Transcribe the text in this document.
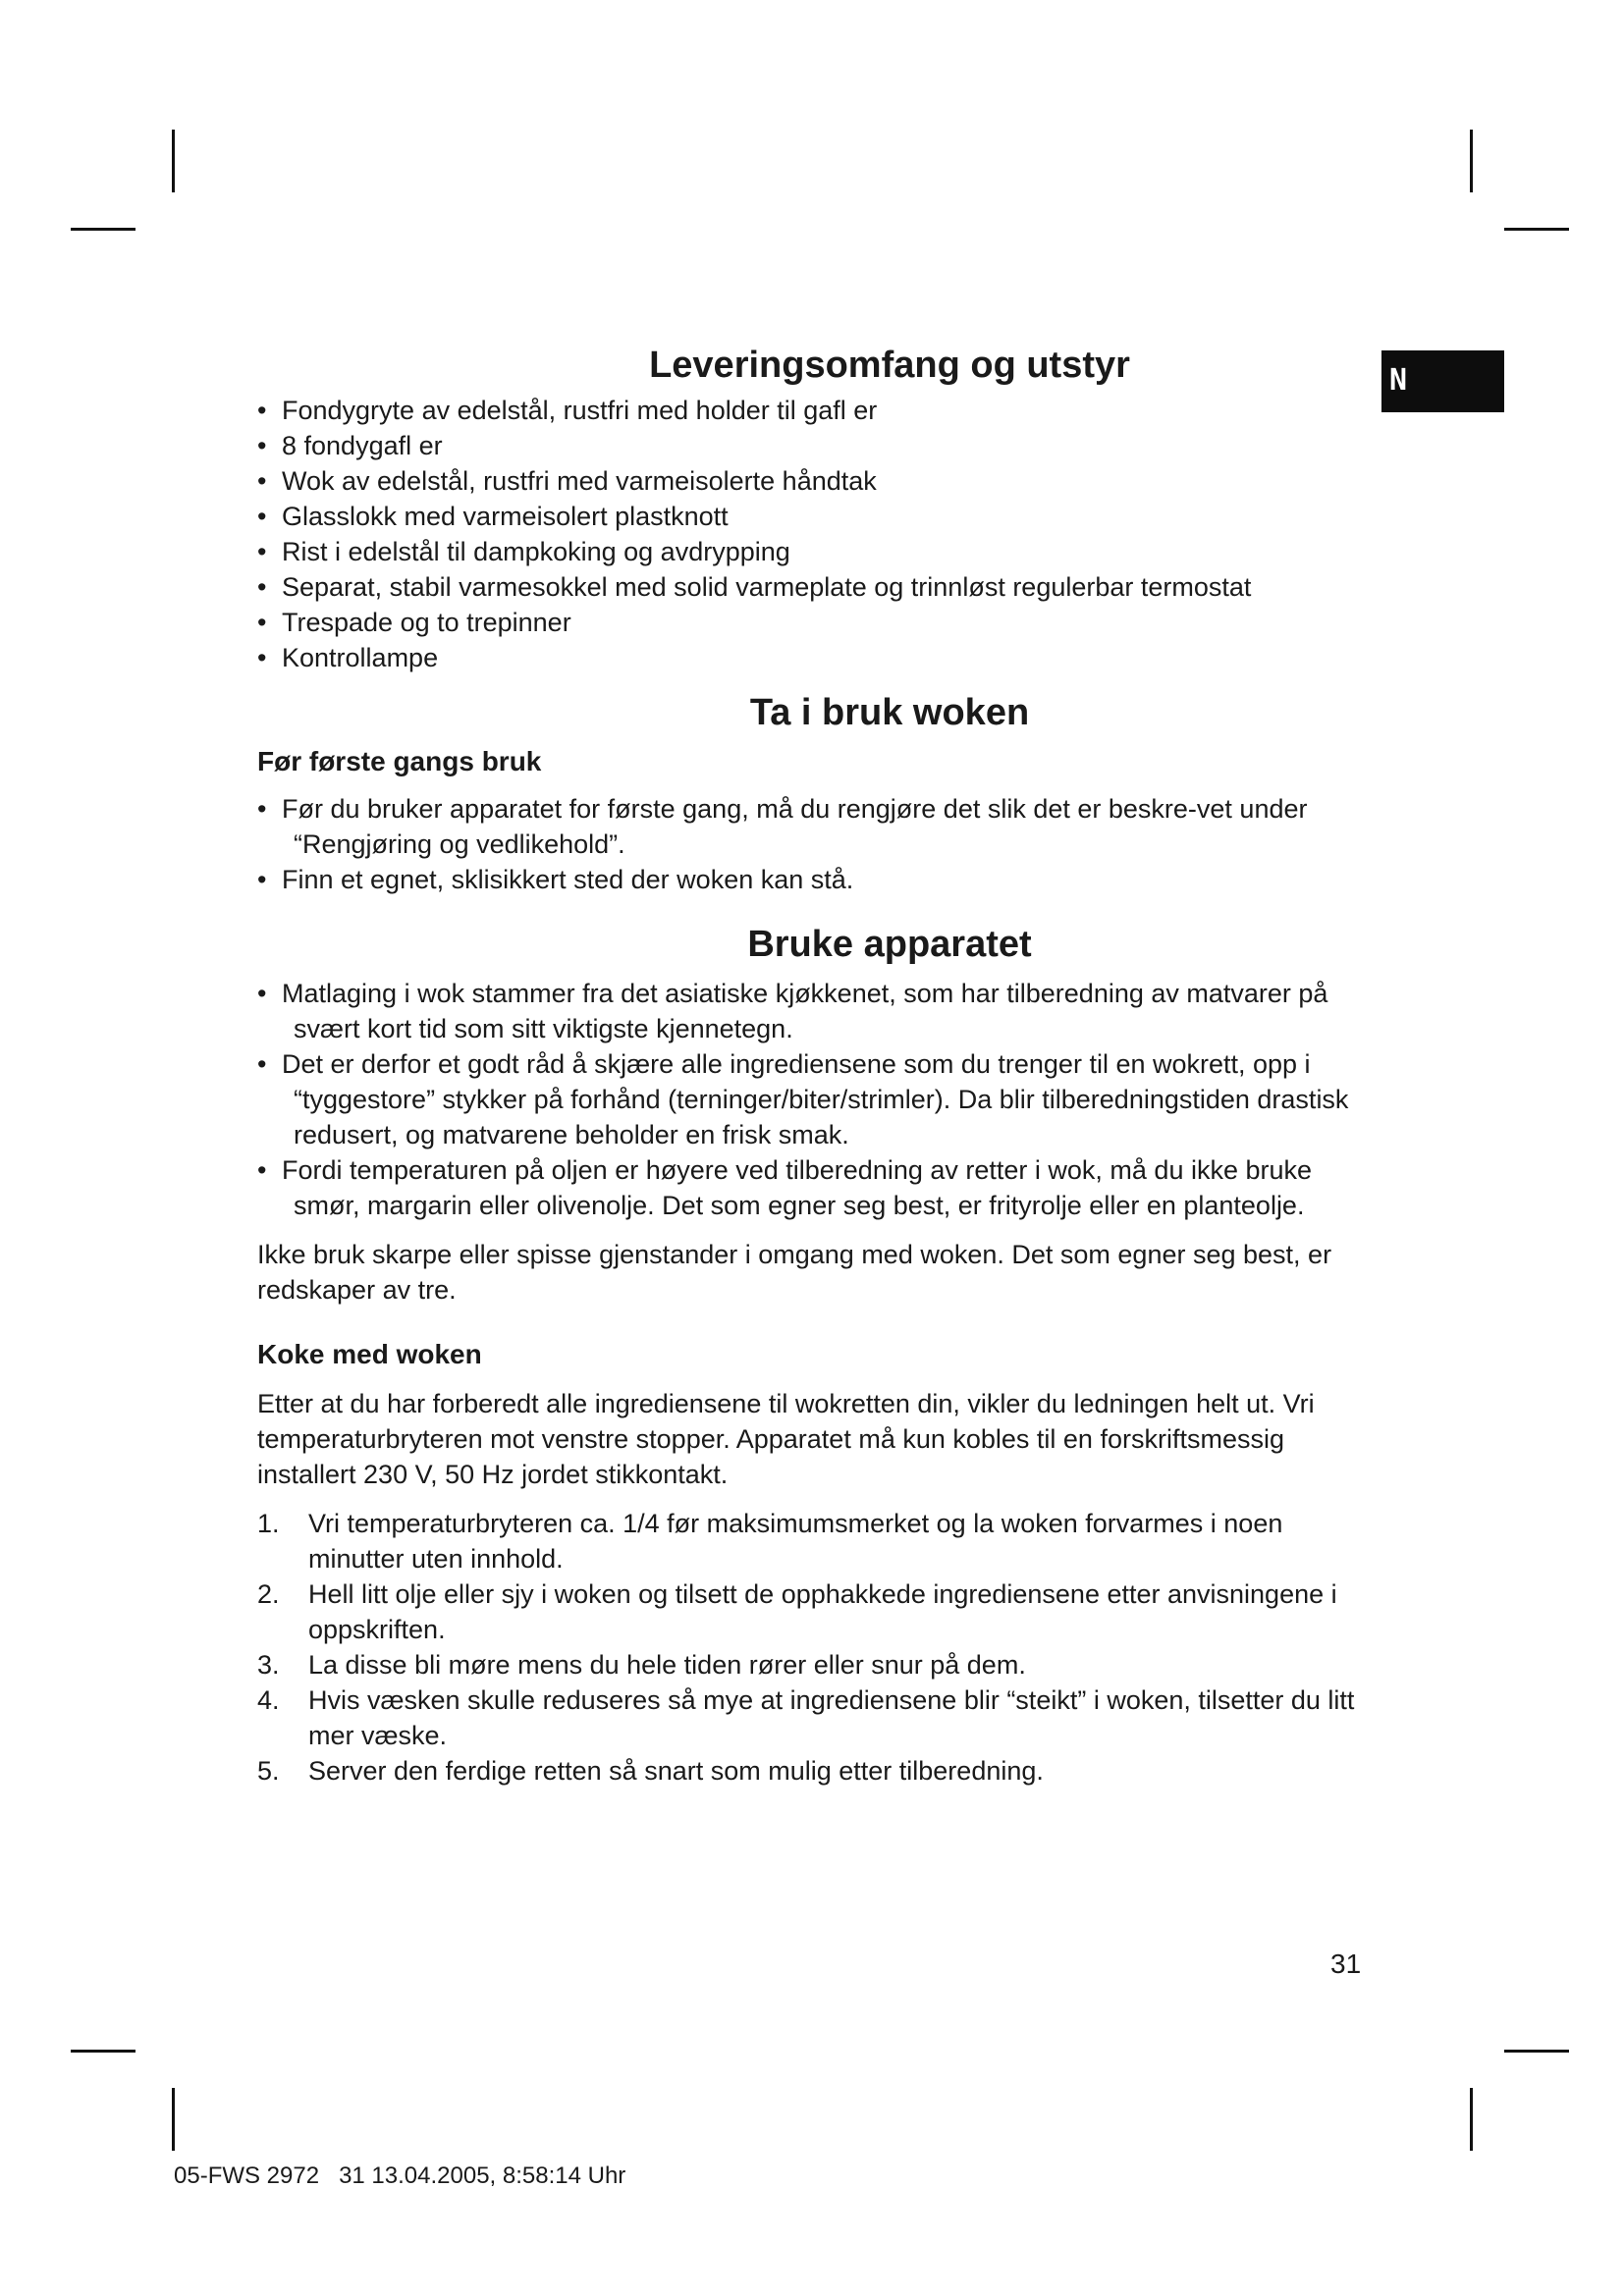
N
Leveringsomfang og utstyr
• Fondygryte av edelstål, rustfri med holder til gafl er
• 8 fondygafl er
• Wok av edelstål, rustfri med varmeisolerte håndtak
• Glasslokk med varmeisolert plastknott
• Rist i edelstål til dampkoking og avdrypping
• Separat, stabil varmesokkel med solid varmeplate og trinnløst regulerbar termostat
• Trespade og to trepinner
• Kontrollampe
Ta i bruk woken
Før første gangs bruk
• Før du bruker apparatet for første gang, må du rengjøre det slik det er beskre-vet under “Rengjøring og vedlikehold”.
• Finn et egnet, sklisikkert sted der woken kan stå.
Bruke apparatet
• Matlaging i wok stammer fra det asiatiske kjøkkenet, som har tilberedning av matvarer på svært kort tid som sitt viktigste kjennetegn.
• Det er derfor et godt råd å skjære alle ingrediensene som du trenger til en wokrett, opp i “tyggestore” stykker på forhånd (terninger/biter/strimler). Da blir tilberedningstiden drastisk redusert, og matvarene beholder en frisk smak.
• Fordi temperaturen på oljen er høyere ved tilberedning av retter i wok, må du ikke bruke smør, margarin eller olivenolje. Det som egner seg best, er frityrolje eller en planteolje.

Ikke bruk skarpe eller spisse gjenstander i omgang med woken. Det som egner seg best, er redskaper av tre.

Koke med woken

Etter at du har forberedt alle ingrediensene til wokretten din, vikler du ledningen helt ut. Vri temperaturbryteren mot venstre stopper. Apparatet må kun kobles til en forskriftsmessig installert 230 V, 50 Hz jordet stikkontakt.

1. Vri temperaturbryteren ca. 1/4 før maksimumsmerket og la woken forvarmes i noen minutter uten innhold.
2. Hell litt olje eller sjy i woken og tilsett de opphakkede ingrediensene etter anvisningene i oppskriften.
3. La disse bli møre mens du hele tiden rører eller snur på dem.
4. Hvis væsken skulle reduseres så mye at ingrediensene blir “steikt” i woken, tilsetter du litt mer væske.
5. Server den ferdige retten så snart som mulig etter tilberedning.
31
05-FWS 2972   31 13.04.2005, 8:58:14 Uhr
